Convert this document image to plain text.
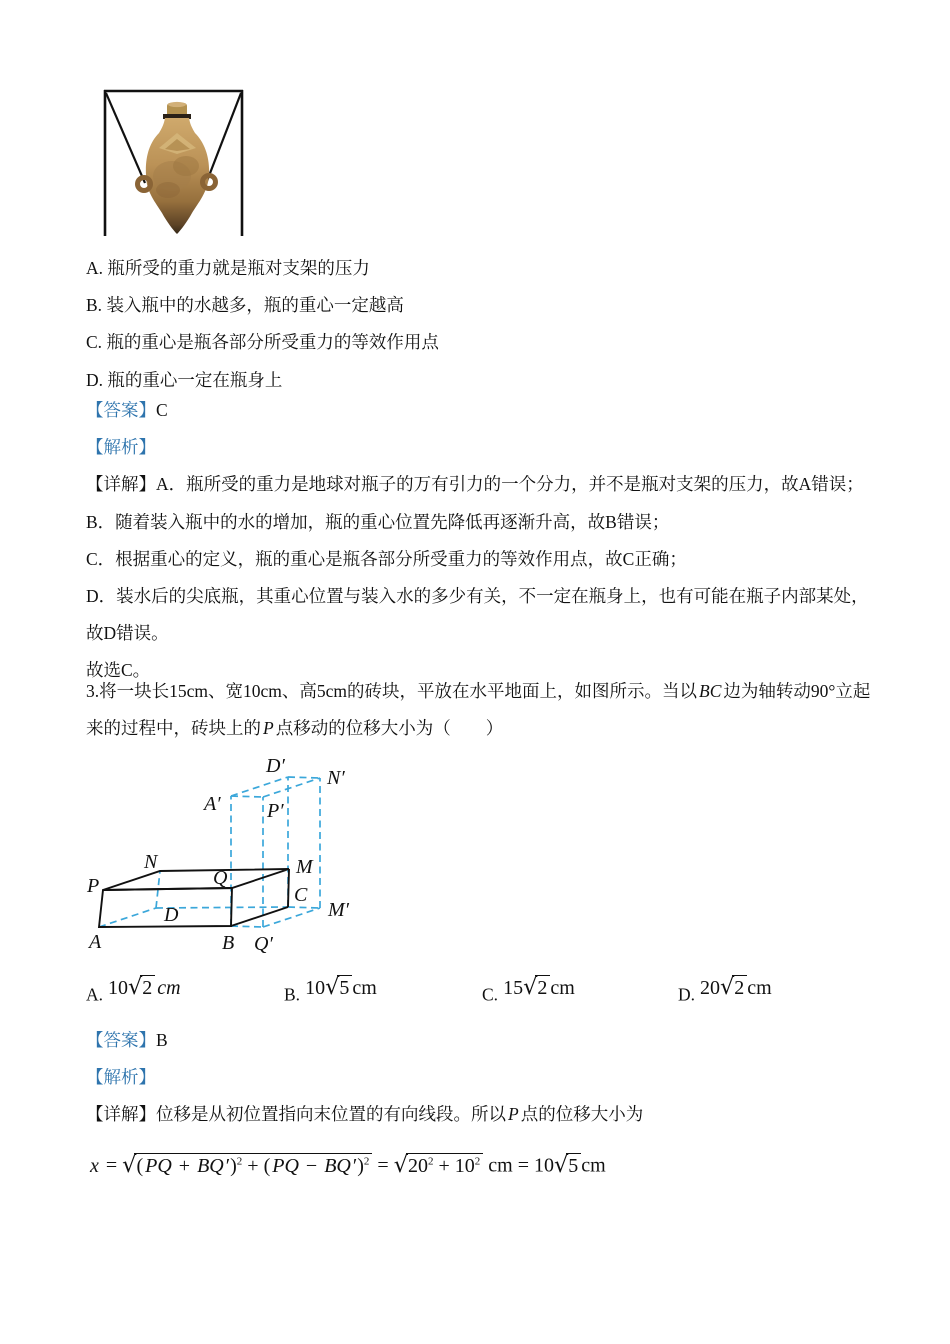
A. 瓶所受的重力就是瓶对支架的压力

B. 装入瓶中的水越多，瓶的重心一定越高

C. 瓶的重心是瓶各部分所受重力的等效作用点

D. 瓶的重心一定在瓶身上

【答案】C

【解析】

【详解】A．瓶所受的重力是地球对瓶子的万有引力的一个分力，并不是瓶对支架的压力，故A错误；

B．随着装入瓶中的水的增加，瓶的重心位置先降低再逐渐升高，故B错误；

C．根据重心的定义，瓶的重心是瓶各部分所受重力的等效作用点，故C正确；

D．装水后的尖底瓶，其重心位置与装入水的多少有关，不一定在瓶身上，也有可能在瓶子内部某处，故D错误。

故选C。

3.将一块长15cm、宽10cm、高5cm的砖块，平放在水平地面上，如图所示。当以 BC 边为轴转动90°立起来的过程中，砖块上的 P 点移动的位移大小为（　　）

P
N
Q	M
C
D
A	B
A′ P′
D′
N′
Q′
M′
A. 10√2 cm	B. 10√5 cm	C. 15√2 cm	D. 20√2 cm

【答案】B

【解析】

【详解】位移是从初位置指向末位置的有向线段。所以 P 点的位移大小为

x = √( PQ + BQ ′)$^2$ + ( PQ − BQ $')^2 = √20^2 + 10^2$ cm = 10√5 cm
